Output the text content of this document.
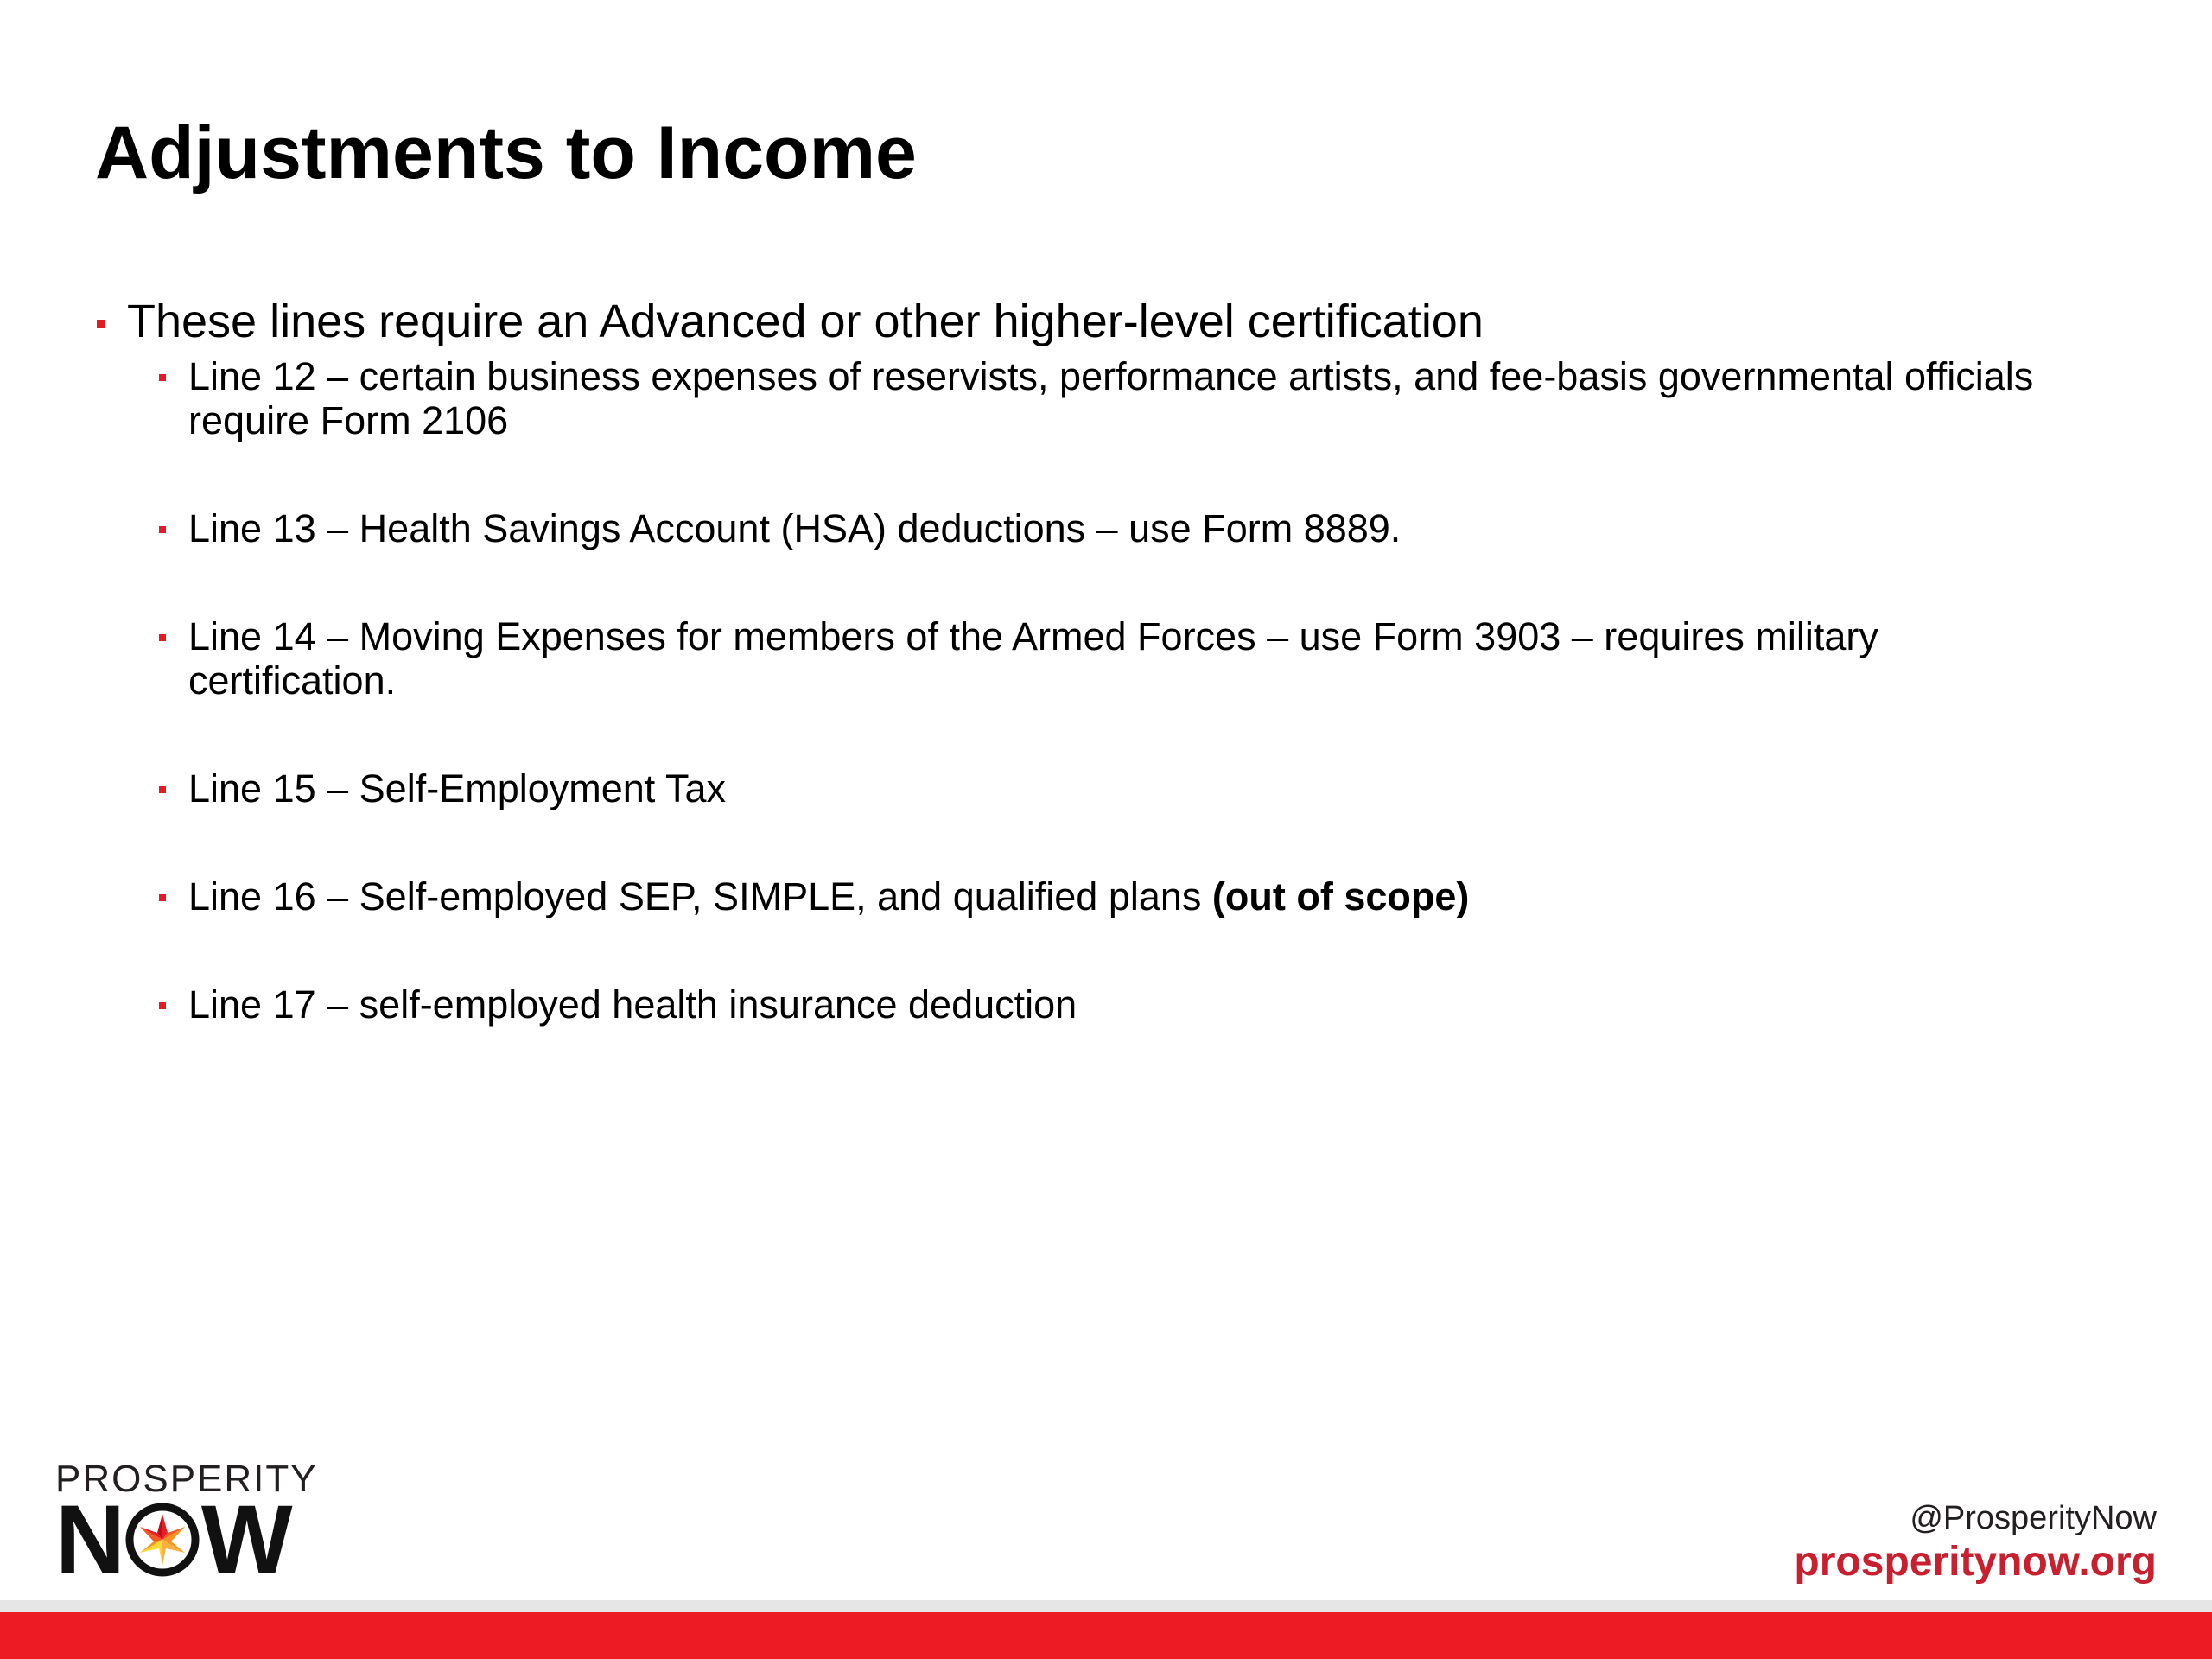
Adjustments to Income
These lines require an Advanced or other higher-level certification
Line 12 – certain business expenses of reservists, performance artists, and fee-basis governmental officials require Form 2106
Line 13 – Health Savings Account (HSA) deductions – use Form 8889.
Line 14 – Moving Expenses for members of the Armed Forces – use Form 3903 – requires military certification.
Line 15 – Self-Employment Tax
Line 16 – Self-employed SEP, SIMPLE, and qualified plans (out of scope)
Line 17 – self-employed health insurance deduction
PROSPERITY
N W	@ProsperityNow
prosperitynow.org
